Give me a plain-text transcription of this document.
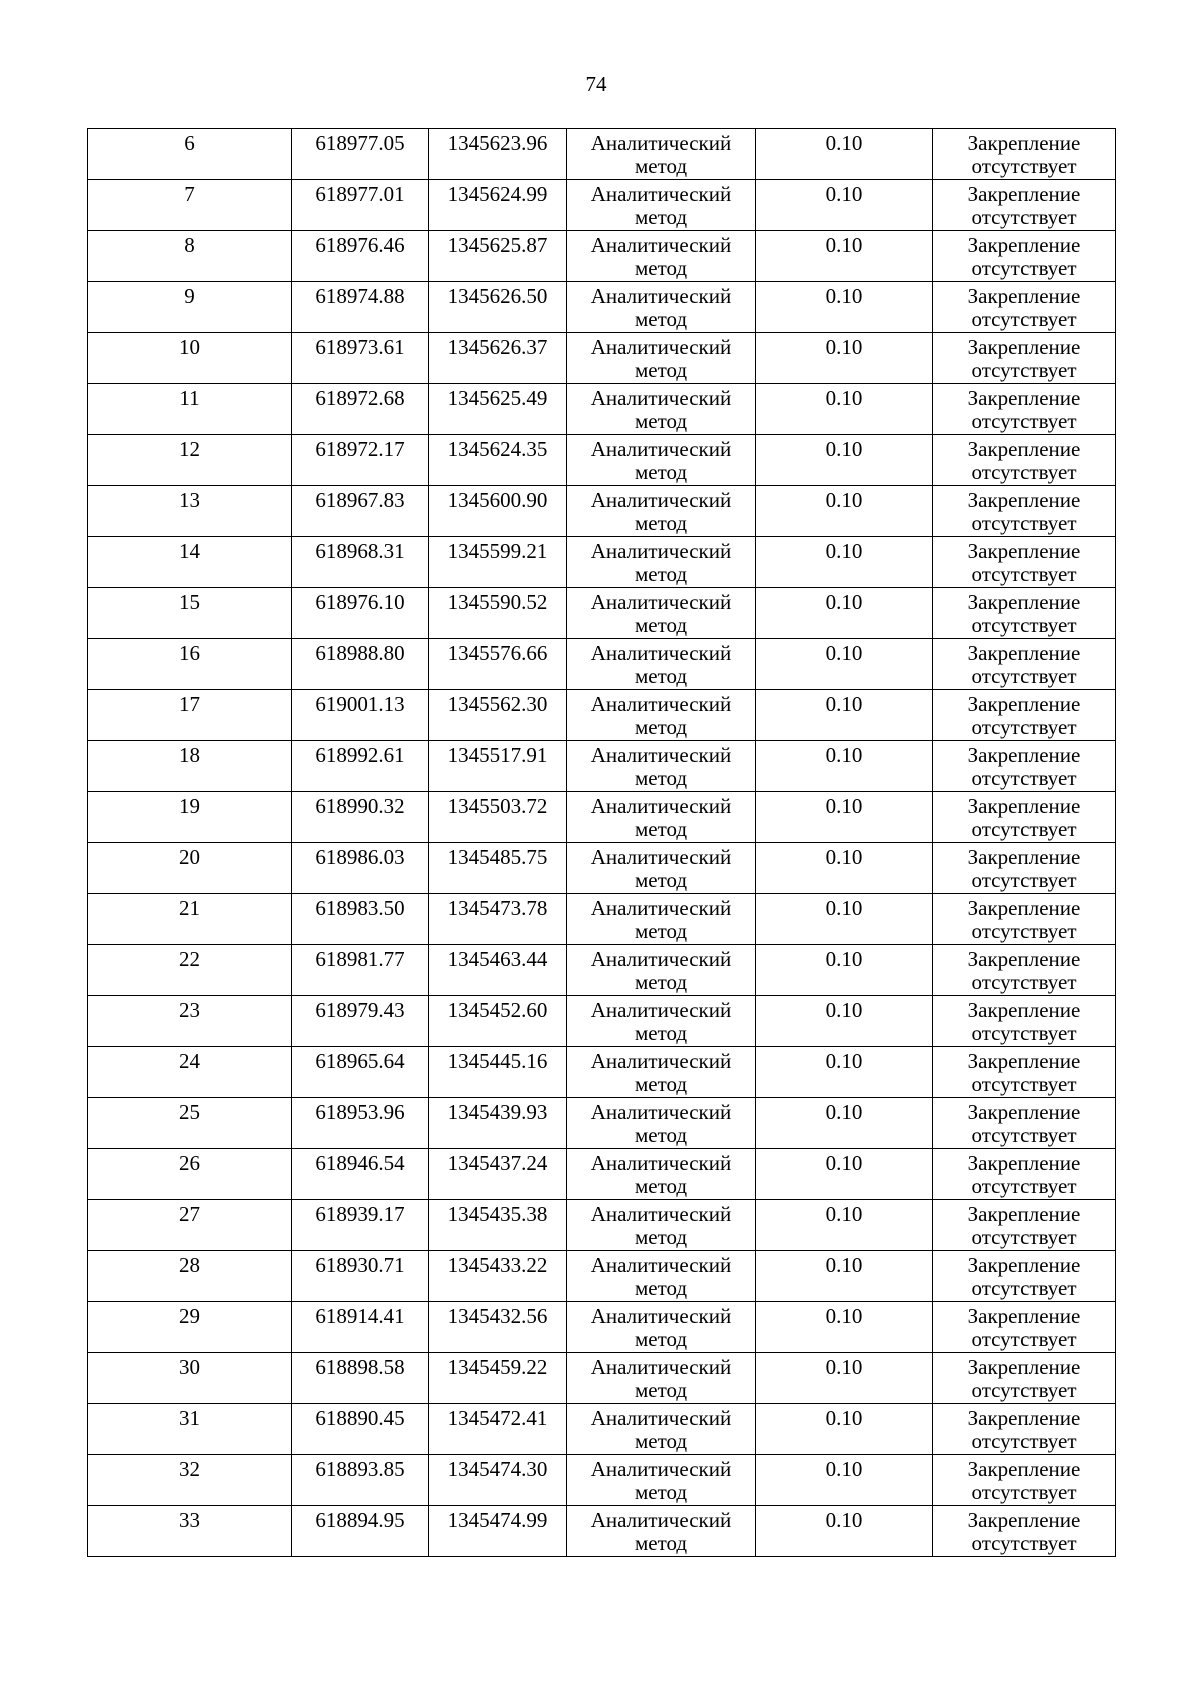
74
6	618977.05	1345623.96	Аналитический метод	0.10	Закрепление отсутствует
7	618977.01	1345624.99	Аналитический метод	0.10	Закрепление отсутствует
8	618976.46	1345625.87	Аналитический метод	0.10	Закрепление отсутствует
9	618974.88	1345626.50	Аналитический метод	0.10	Закрепление отсутствует
10	618973.61	1345626.37	Аналитический метод	0.10	Закрепление отсутствует
11	618972.68	1345625.49	Аналитический метод	0.10	Закрепление отсутствует
12	618972.17	1345624.35	Аналитический метод	0.10	Закрепление отсутствует
13	618967.83	1345600.90	Аналитический метод	0.10	Закрепление отсутствует
14	618968.31	1345599.21	Аналитический метод	0.10	Закрепление отсутствует
15	618976.10	1345590.52	Аналитический метод	0.10	Закрепление отсутствует
16	618988.80	1345576.66	Аналитический метод	0.10	Закрепление отсутствует
17	619001.13	1345562.30	Аналитический метод	0.10	Закрепление отсутствует
18	618992.61	1345517.91	Аналитический метод	0.10	Закрепление отсутствует
19	618990.32	1345503.72	Аналитический метод	0.10	Закрепление отсутствует
20	618986.03	1345485.75	Аналитический метод	0.10	Закрепление отсутствует
21	618983.50	1345473.78	Аналитический метод	0.10	Закрепление отсутствует
22	618981.77	1345463.44	Аналитический метод	0.10	Закрепление отсутствует
23	618979.43	1345452.60	Аналитический метод	0.10	Закрепление отсутствует
24	618965.64	1345445.16	Аналитический метод	0.10	Закрепление отсутствует
25	618953.96	1345439.93	Аналитический метод	0.10	Закрепление отсутствует
26	618946.54	1345437.24	Аналитический метод	0.10	Закрепление отсутствует
27	618939.17	1345435.38	Аналитический метод	0.10	Закрепление отсутствует
28	618930.71	1345433.22	Аналитический метод	0.10	Закрепление отсутствует
29	618914.41	1345432.56	Аналитический метод	0.10	Закрепление отсутствует
30	618898.58	1345459.22	Аналитический метод	0.10	Закрепление отсутствует
31	618890.45	1345472.41	Аналитический метод	0.10	Закрепление отсутствует
32	618893.85	1345474.30	Аналитический метод	0.10	Закрепление отсутствует
33	618894.95	1345474.99	Аналитический метод	0.10	Закрепление отсутствует
